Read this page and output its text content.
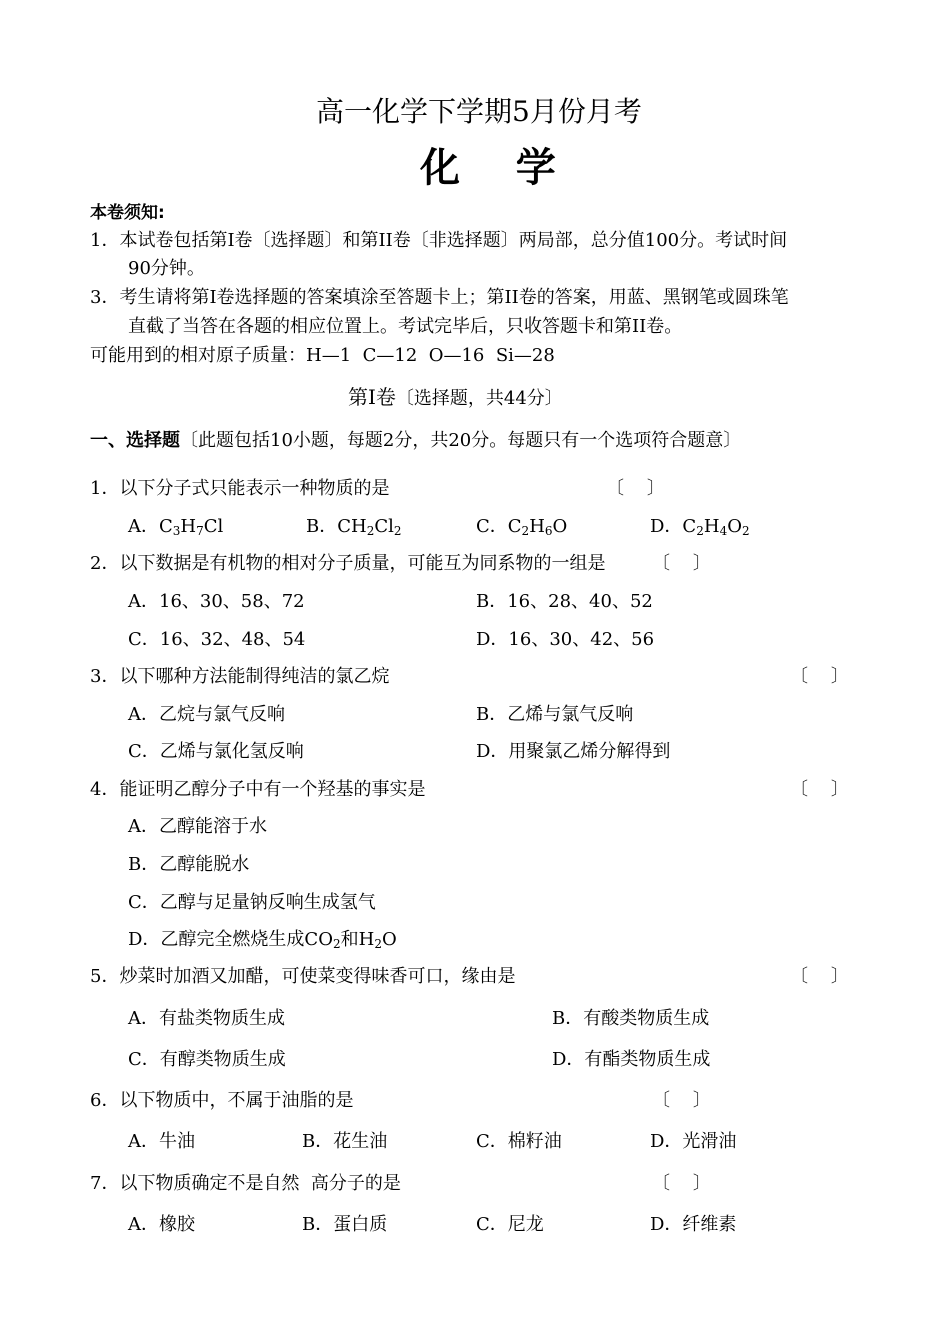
高一化学下学期5月份月考
化    学
本卷须知:
1．本试卷包括第I卷〔选择题〕和第II卷〔非选择题〕两局部，总分值100分。考试时间
90分钟。
3．考生请将第I卷选择题的答案填涂至答题卡上；第II卷的答案，用蓝、黑钢笔或圆珠笔
直截了当答在各题的相应位置上。考试完毕后，只收答题卡和第II卷。
可能用到的相对原子质量：H—1  C—12  O—16  Si—28
第Ⅰ卷〔选择题，共44分〕
一、选择题〔此题包括10小题，每题2分，共20分。每题只有一个选项符合题意〕
1．以下分子式只能表示一种物质的是	〔    〕
A．$C_3H_7Cl$	B．$CH_2Cl_2$	C．$C_2H_6O$	D．$C_2H_4O_2$
2．以下数据是有机物的相对分子质量，可能互为同系物的一组是	〔    〕
A．16、30、58、72	B．16、28、40、52
C．16、32、48、54	D．16、30、42、56
3．以下哪种方法能制得纯洁的氯乙烷	〔    〕
A．乙烷与氯气反响	B．乙烯与氯气反响
C．乙烯与氯化氢反响	D．用聚氯乙烯分解得到
4．能证明乙醇分子中有一个羟基的事实是	〔    〕
A．乙醇能溶于水
B．乙醇能脱水
C．乙醇与足量钠反响生成氢气
D．乙醇完全燃烧生成$CO_2$和$H_2O$
5．炒菜时加酒又加醋，可使菜变得味香可口，缘由是	〔    〕
A．有盐类物质生成	B．有酸类物质生成
C．有醇类物质生成	D．有酯类物质生成
6．以下物质中，不属于油脂的是	〔    〕
A．牛油	B．花生油	C．棉籽油	D．光滑油
7．以下物质确定不是自然  高分子的是	〔    〕
A．橡胶	B．蛋白质	C．尼龙	D．纤维素
